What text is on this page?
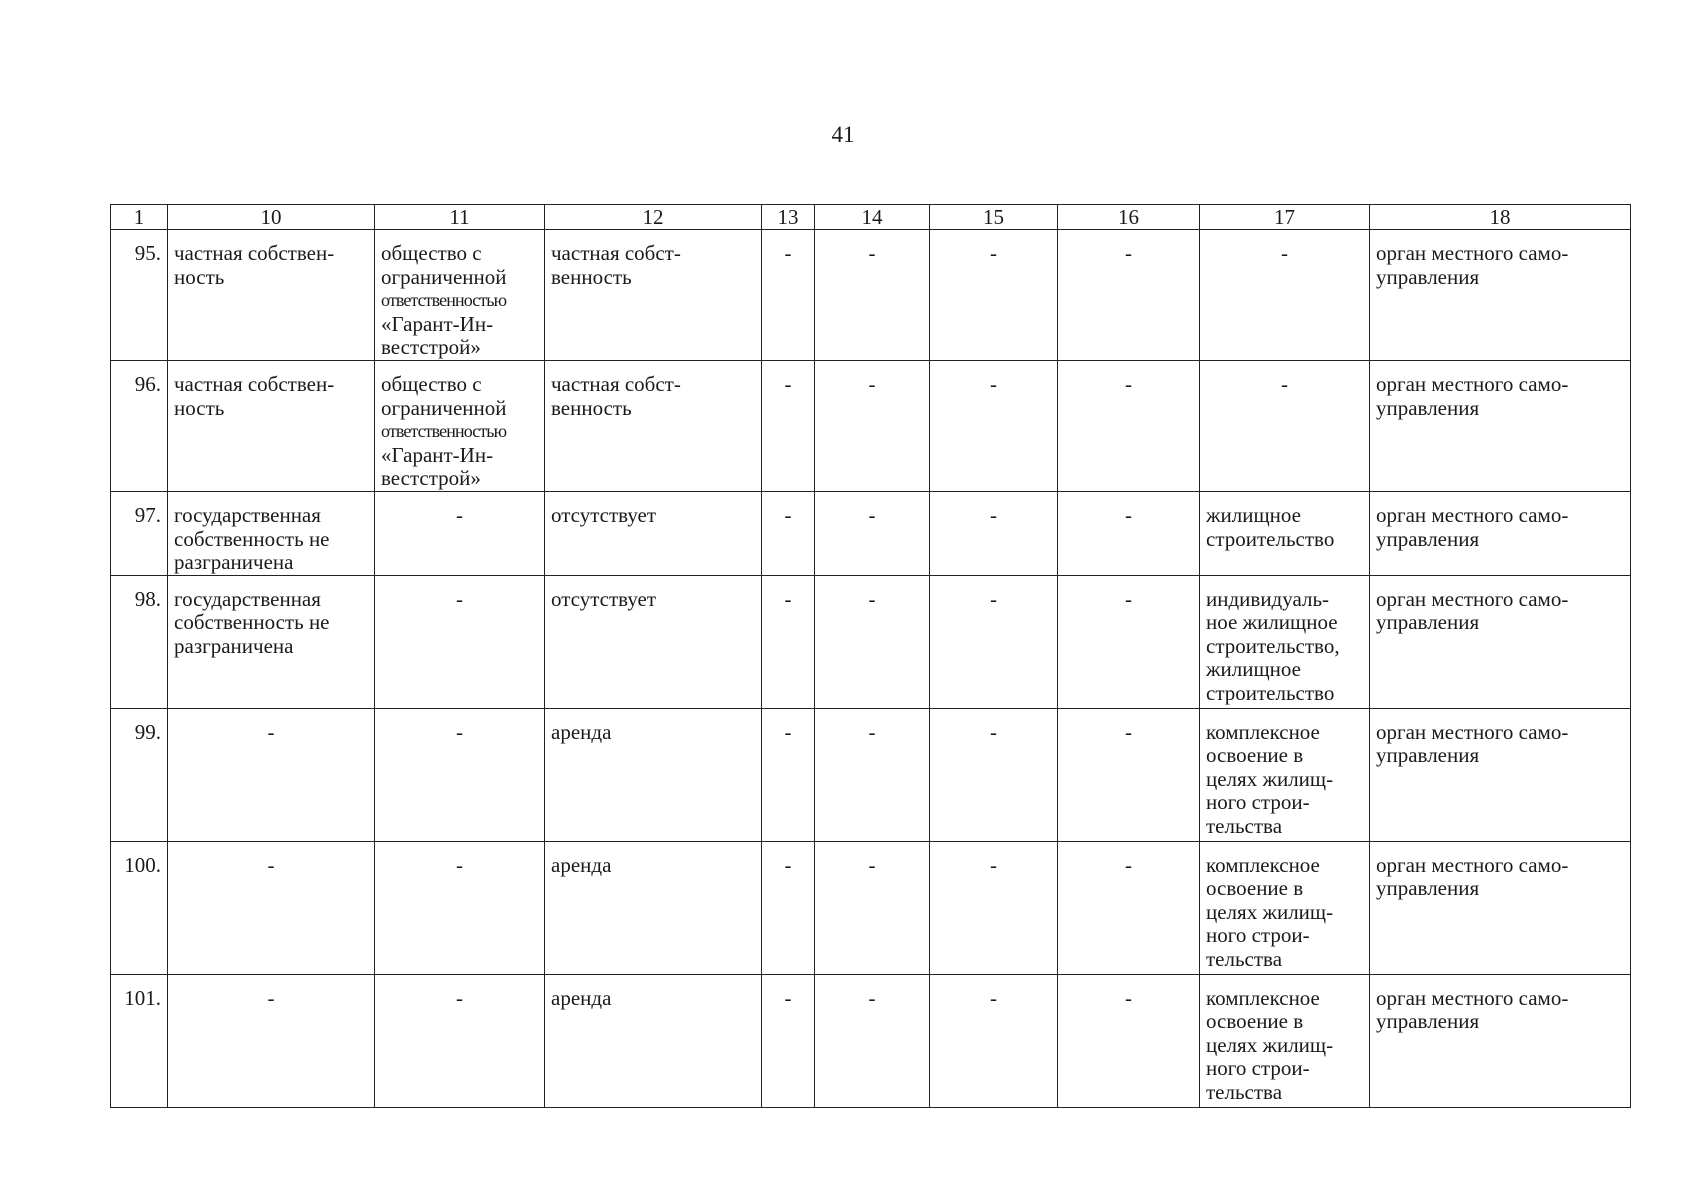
41
1	10	11	12	13	14	15	16	17	18

95.	частная собствен-
ность	общество с
ограниченной
ответственностью
«Гарант-Ин-
вестстрой»	частная собст-
венность	-	-	-	-	-	орган местного само-
управления

96.	частная собствен-
ность	общество с
ограниченной
ответственностью
«Гарант-Ин-
вестстрой»	частная собст-
венность	-	-	-	-	-	орган местного само-
управления

97.	государственная
собственность не
разграничена	-	отсутствует	-	-	-	-	жилищное
строительство	орган местного само-
управления

98.	государственная
собственность не
разграничена	-	отсутствует	-	-	-	-	индивидуаль-
ное жилищное
строительство,
жилищное
строительство	орган местного само-
управления

99.	-	-	аренда	-	-	-	-	комплексное
освоение в
целях жилищ-
ного строи-
тельства	орган местного само-
управления

100.	-	-	аренда	-	-	-	-	комплексное
освоение в
целях жилищ-
ного строи-
тельства	орган местного само-
управления

101.	-	-	аренда	-	-	-	-	комплексное
освоение в
целях жилищ-
ного строи-
тельства	орган местного само-
управления
